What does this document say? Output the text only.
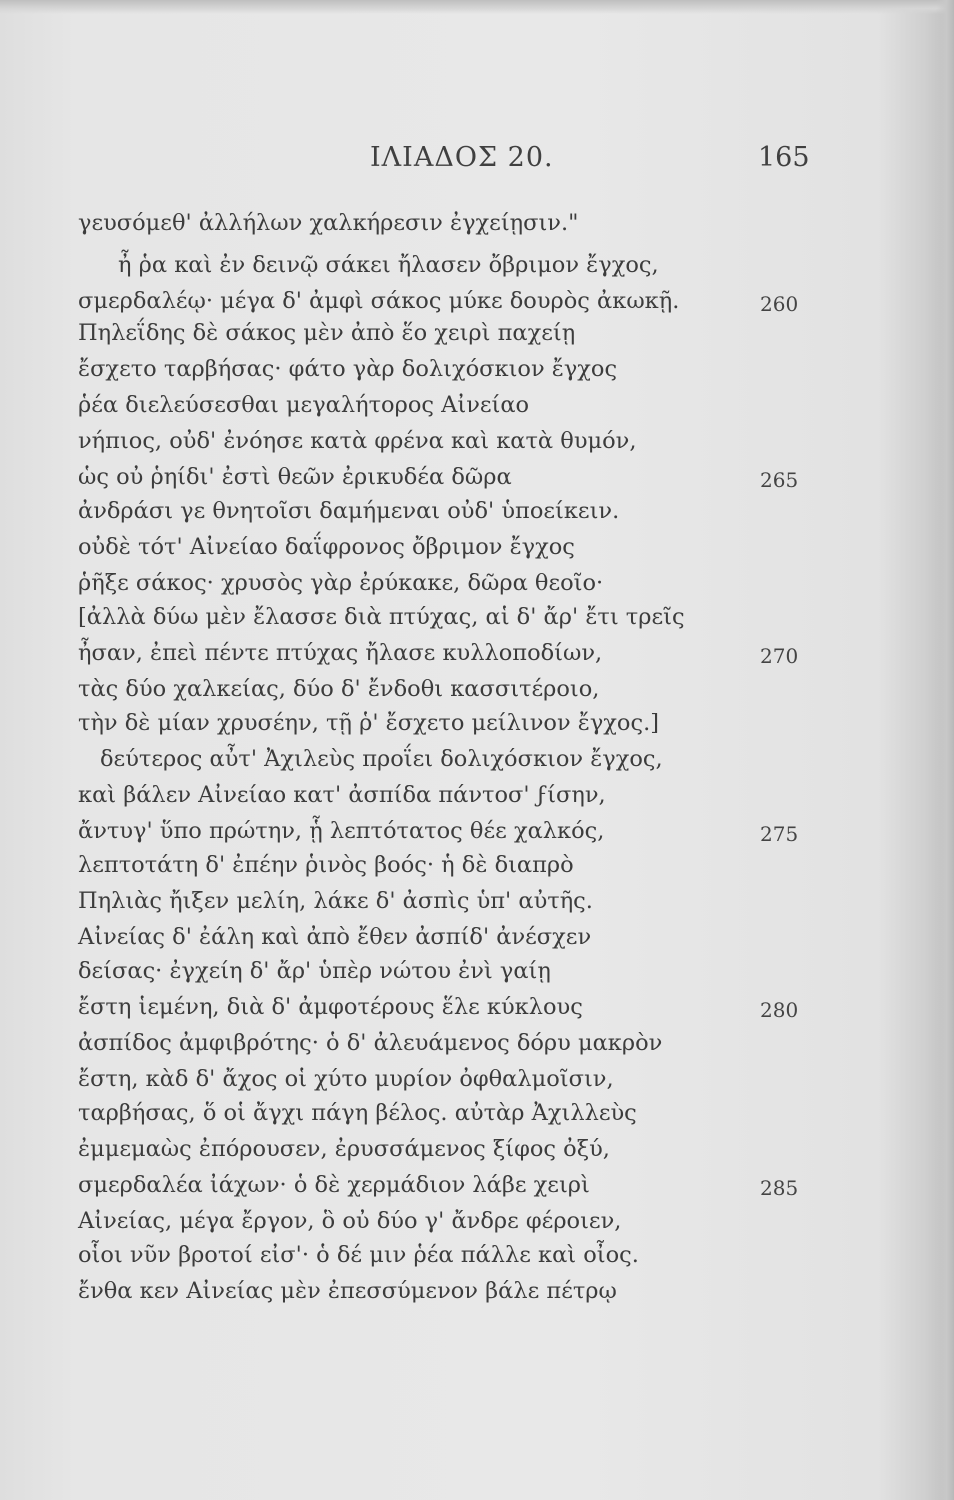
ΙΛΙΑΔΟΣ 20.	165
γευσόμεθ' ἀλλήλων χαλκήρεσιν ἐγχείῃσιν."
ἦ ῥα καὶ ἐν δεινῷ σάκει ἤλασεν ὄβριμον ἔγχος,
σμερδαλέῳ· μέγα δ' ἀμφὶ σάκος μύκε δουρὸς ἀκωκῇ.
Πηλεΐδης δὲ σάκος μὲν ἀπὸ ἕο χειρὶ παχείῃ
ἔσχετο ταρβήσας· φάτο γὰρ δολιχόσκιον ἔγχος
ῥέα διελεύσεσθαι μεγαλήτορος Αἰνείαο
νήπιος, οὐδ' ἐνόησε κατὰ φρένα καὶ κατὰ θυμόν,
ὡς οὐ ῥηίδι' ἐστὶ θεῶν ἐρικυδέα δῶρα
ἀνδράσι γε θνητοῖσι δαμήμεναι οὐδ' ὑποείκειν.
οὐδὲ τότ' Αἰνείαο δαΐφρονος ὄβριμον ἔγχος
ῥῆξε σάκος· χρυσὸς γὰρ ἐρύκακε, δῶρα θεοῖο·
[ἀλλὰ δύω μὲν ἔλασσε διὰ πτύχας, αἱ δ' ἄρ' ἔτι τρεῖς
ἦσαν, ἐπεὶ πέντε πτύχας ἤλασε κυλλοποδίων,
τὰς δύο χαλκείας, δύο δ' ἔνδοθι κασσιτέροιο,
τὴν δὲ μίαν χρυσέην, τῇ ῥ' ἔσχετο μείλινον ἔγχος.]
δεύτερος αὖτ' Ἀχιλεὺς προΐει δολιχόσκιον ἔγχος,
καὶ βάλεν Αἰνείαο κατ' ἀσπίδα πάντοσ' ϝίσην,
ἄντυγ' ὕπο πρώτην, ᾗ λεπτότατος θέε χαλκός,
λεπτοτάτη δ' ἐπέην ῥινὸς βοός· ἡ δὲ διαπρὸ
Πηλιὰς ἤιξεν μελίη, λάκε δ' ἀσπὶς ὑπ' αὐτῆς.
Αἰνείας δ' ἐάλη καὶ ἀπὸ ἔθεν ἀσπίδ' ἀνέσχεν
δείσας· ἐγχείη δ' ἄρ' ὑπὲρ νώτου ἐνὶ γαίῃ
ἔστη ἱεμένη, διὰ δ' ἀμφοτέρους ἕλε κύκλους
ἀσπίδος ἀμφιβρότης· ὁ δ' ἀλευάμενος δόρυ μακρὸν
ἔστη, κὰδ δ' ἄχος οἱ χύτο μυρίον ὀφθαλμοῖσιν,
ταρβήσας, ὅ οἱ ἄγχι πάγη βέλος. αὐτὰρ Ἀχιλλεὺς
ἐμμεμαὼς ἐπόρουσεν, ἐρυσσάμενος ξίφος ὀξύ,
σμερδαλέα ἰάχων· ὁ δὲ χερμάδιον λάβε χειρὶ
Αἰνείας, μέγα ἔργον, ὃ οὐ δύο γ' ἄνδρε φέροιεν,
οἷοι νῦν βροτοί εἰσ'· ὁ δέ μιν ῥέα πάλλε καὶ οἶος.
ἔνθα κεν Αἰνείας μὲν ἐπεσσύμενον βάλε πέτρῳ
260
265
270
275
280
285
